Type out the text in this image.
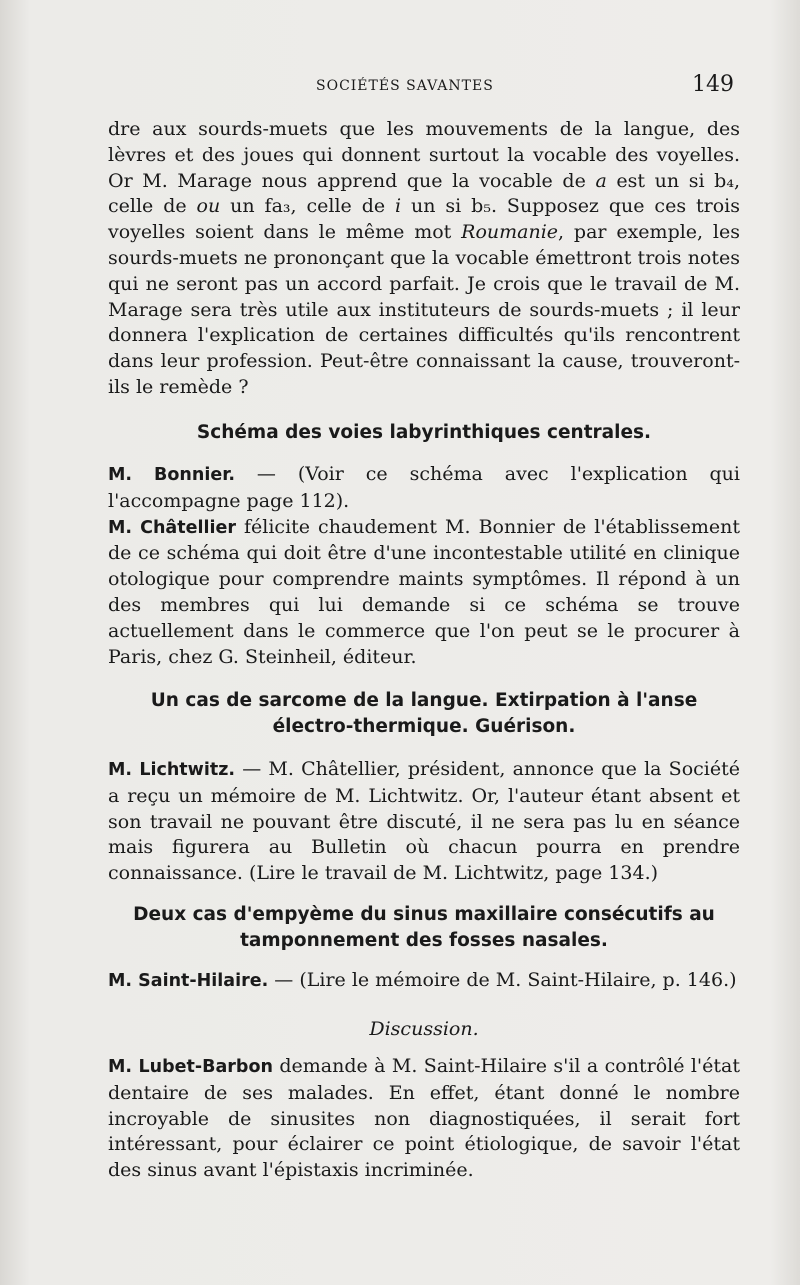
SOCIÉTÉS SAVANTES	149

dre aux sourds-muets que les mouvements de la langue, des lèvres et des joues qui donnent surtout la vocable des voyelles. Or M. Marage nous apprend que la vocable de a est un si b₄, celle de ou un fa₃, celle de i un si b₅. Supposez que ces trois voyelles soient dans le même mot Roumanie, par exemple, les sourds-muets ne prononçant que la vocable émettront trois notes qui ne seront pas un accord parfait. Je crois que le travail de M. Marage sera très utile aux instituteurs de sourds-muets ; il leur donnera l'explication de certaines difficultés qu'ils rencontrent dans leur profession. Peut-être connaissant la cause, trouveront-ils le remède ?

Schéma des voies labyrinthiques centrales.

M. Bonnier. — (Voir ce schéma avec l'explication qui l'accompagne page 112).

M. Châtellier félicite chaudement M. Bonnier de l'établissement de ce schéma qui doit être d'une incontestable utilité en clinique otologique pour comprendre maints symptômes. Il répond à un des membres qui lui demande si ce schéma se trouve actuellement dans le commerce que l'on peut se le procurer à Paris, chez G. Steinheil, éditeur.

Un cas de sarcome de la langue. Extirpation à l'anse
électro-thermique. Guérison.

M. Lichtwitz. — M. Châtellier, président, annonce que la Société a reçu un mémoire de M. Lichtwitz. Or, l'auteur étant absent et son travail ne pouvant être discuté, il ne sera pas lu en séance mais figurera au Bulletin où chacun pourra en prendre connaissance. (Lire le travail de M. Lichtwitz, page 134.)

Deux cas d'empyème du sinus maxillaire consécutifs au
tamponnement des fosses nasales.

M. Saint-Hilaire. — (Lire le mémoire de M. Saint-Hilaire, p. 146.)

Discussion.

M. Lubet-Barbon demande à M. Saint-Hilaire s'il a contrôlé l'état dentaire de ses malades. En effet, étant donné le nombre incroyable de sinusites non diagnostiquées, il serait fort intéressant, pour éclairer ce point étiologique, de savoir l'état des sinus avant l'épistaxis incriminée.
